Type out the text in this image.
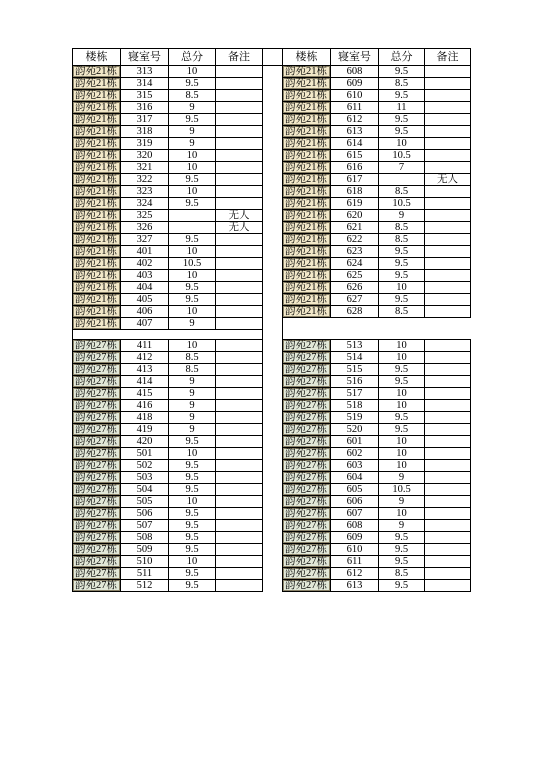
楼栋	寝室号	总分	备注		楼栋	寝室号	总分	备注
韵苑21栋	313	10			韵苑21栋	608	9.5	
韵苑21栋	314	9.5			韵苑21栋	609	8.5	
韵苑21栋	315	8.5			韵苑21栋	610	9.5	
韵苑21栋	316	9			韵苑21栋	611	11	
韵苑21栋	317	9.5			韵苑21栋	612	9.5	
韵苑21栋	318	9			韵苑21栋	613	9.5	
韵苑21栋	319	9			韵苑21栋	614	10	
韵苑21栋	320	10			韵苑21栋	615	10.5	
韵苑21栋	321	10			韵苑21栋	616	7	
韵苑21栋	322	9.5			韵苑21栋	617		无人
韵苑21栋	323	10			韵苑21栋	618	8.5	
韵苑21栋	324	9.5			韵苑21栋	619	10.5	
韵苑21栋	325		无人		韵苑21栋	620	9	
韵苑21栋	326		无人		韵苑21栋	621	8.5	
韵苑21栋	327	9.5			韵苑21栋	622	8.5	
韵苑21栋	401	10			韵苑21栋	623	9.5	
韵苑21栋	402	10.5			韵苑21栋	624	9.5	
韵苑21栋	403	10			韵苑21栋	625	9.5	
韵苑21栋	404	9.5			韵苑21栋	626	10	
韵苑21栋	405	9.5			韵苑21栋	627	9.5	
韵苑21栋	406	10			韵苑21栋	628	8.5	
韵苑21栋	407	9						

韵苑27栋	411	10			韵苑27栋	513	10	
韵苑27栋	412	8.5			韵苑27栋	514	10	
韵苑27栋	413	8.5			韵苑27栋	515	9.5	
韵苑27栋	414	9			韵苑27栋	516	9.5	
韵苑27栋	415	9			韵苑27栋	517	10	
韵苑27栋	416	9			韵苑27栋	518	10	
韵苑27栋	418	9			韵苑27栋	519	9.5	
韵苑27栋	419	9			韵苑27栋	520	9.5	
韵苑27栋	420	9.5			韵苑27栋	601	10	
韵苑27栋	501	10			韵苑27栋	602	10	
韵苑27栋	502	9.5			韵苑27栋	603	10	
韵苑27栋	503	9.5			韵苑27栋	604	9	
韵苑27栋	504	9.5			韵苑27栋	605	10.5	
韵苑27栋	505	10			韵苑27栋	606	9	
韵苑27栋	506	9.5			韵苑27栋	607	10	
韵苑27栋	507	9.5			韵苑27栋	608	9	
韵苑27栋	508	9.5			韵苑27栋	609	9.5	
韵苑27栋	509	9.5			韵苑27栋	610	9.5	
韵苑27栋	510	10			韵苑27栋	611	9.5	
韵苑27栋	511	9.5			韵苑27栋	612	8.5	
韵苑27栋	512	9.5			韵苑27栋	613	9.5	
